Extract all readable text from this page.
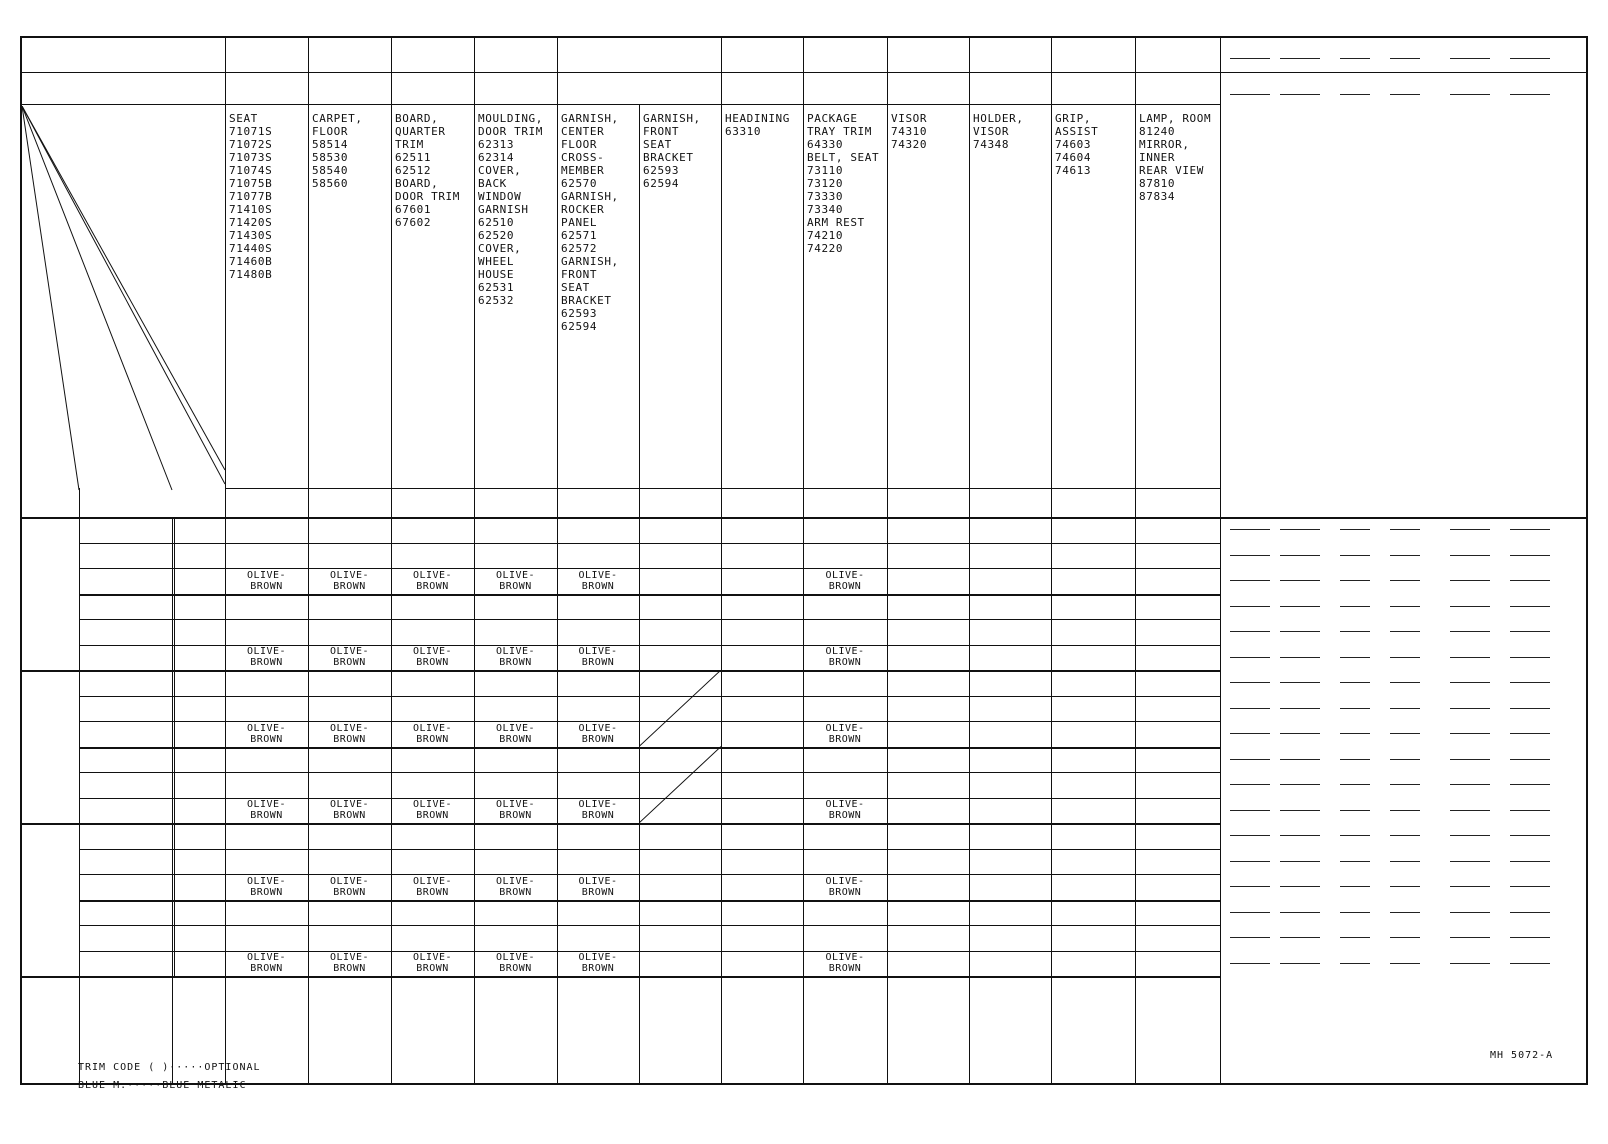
SEAT
71071S
71072S
71073S
71074S
71075B
71077B
71410S
71420S
71430S
71440S
71460B
71480B
CARPET,
FLOOR
58514
58530
58540
58560
BOARD,
QUARTER
TRIM
62511
62512
BOARD,
DOOR TRIM
67601
67602
MOULDING,
DOOR TRIM
62313
62314
COVER,
BACK
WINDOW
GARNISH
62510
62520
COVER,
WHEEL
HOUSE
62531
62532
GARNISH,
CENTER
FLOOR
CROSS-
MEMBER
62570
GARNISH,
ROCKER
PANEL
62571
62572
GARNISH,
FRONT
SEAT
BRACKET
62593
62594
GARNISH,
FRONT
SEAT
BRACKET
62593
62594
HEADINING
63310
PACKAGE
TRAY TRIM
64330
BELT, SEAT
73110
73120
73330
73340
ARM REST
74210
74220
VISOR
74310
74320
HOLDER,
VISOR
74348
GRIP,
ASSIST
74603
74604
74613
LAMP, ROOM
81240
MIRROR,
INNER
REAR VIEW
87810
87834
OLIVE-
BROWN
OLIVE-
BROWN
OLIVE-
BROWN
OLIVE-
BROWN
OLIVE-
BROWN
OLIVE-
BROWN
OLIVE-
BROWN
OLIVE-
BROWN
OLIVE-
BROWN
OLIVE-
BROWN
OLIVE-
BROWN
OLIVE-
BROWN
OLIVE-
BROWN
OLIVE-
BROWN
OLIVE-
BROWN
OLIVE-
BROWN
OLIVE-
BROWN
OLIVE-
BROWN
OLIVE-
BROWN
OLIVE-
BROWN
OLIVE-
BROWN
OLIVE-
BROWN
OLIVE-
BROWN
OLIVE-
BROWN
OLIVE-
BROWN
OLIVE-
BROWN
OLIVE-
BROWN
OLIVE-
BROWN
OLIVE-
BROWN
OLIVE-
BROWN
OLIVE-
BROWN
OLIVE-
BROWN
OLIVE-
BROWN
OLIVE-
BROWN
OLIVE-
BROWN
OLIVE-
BROWN
TRIM CODE ( )·····OPTIONAL
BLUE M.·····BLUE METALIC
MH 5072-A
